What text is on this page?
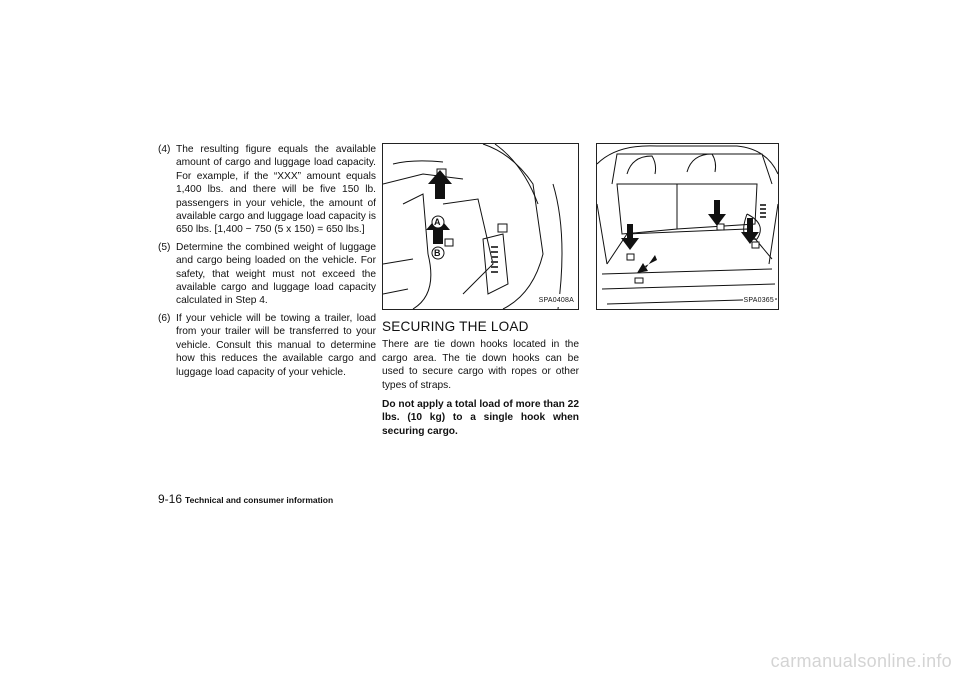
(4) The resulting figure equals the available amount of cargo and luggage load capacity. For example, if the “XXX” amount equals 1,400 lbs. and there will be five 150 lb. passengers in your vehicle, the amount of available cargo and luggage load capacity is 650 lbs. [1,400 − 750 (5 x 150) = 650 lbs.]
(5) Determine the combined weight of luggage and cargo being loaded on the vehicle. For safety, that weight must not exceed the available cargo and luggage load capacity calculated in Step 4.
(6) If your vehicle will be towing a trailer, load from your trailer will be transferred to your vehicle. Consult this manual to determine how this reduces the available cargo and luggage load capacity of your vehicle.
A
B
SPA0408A
SECURING THE LOAD

There are tie down hooks located in the cargo area. The tie down hooks can be used to secure cargo with ropes or other types of straps.

Do not apply a total load of more than 22 lbs. (10 kg) to a single hook when securing cargo.

SPA0365
9-16 Technical and consumer information
carmanualsonline.info
